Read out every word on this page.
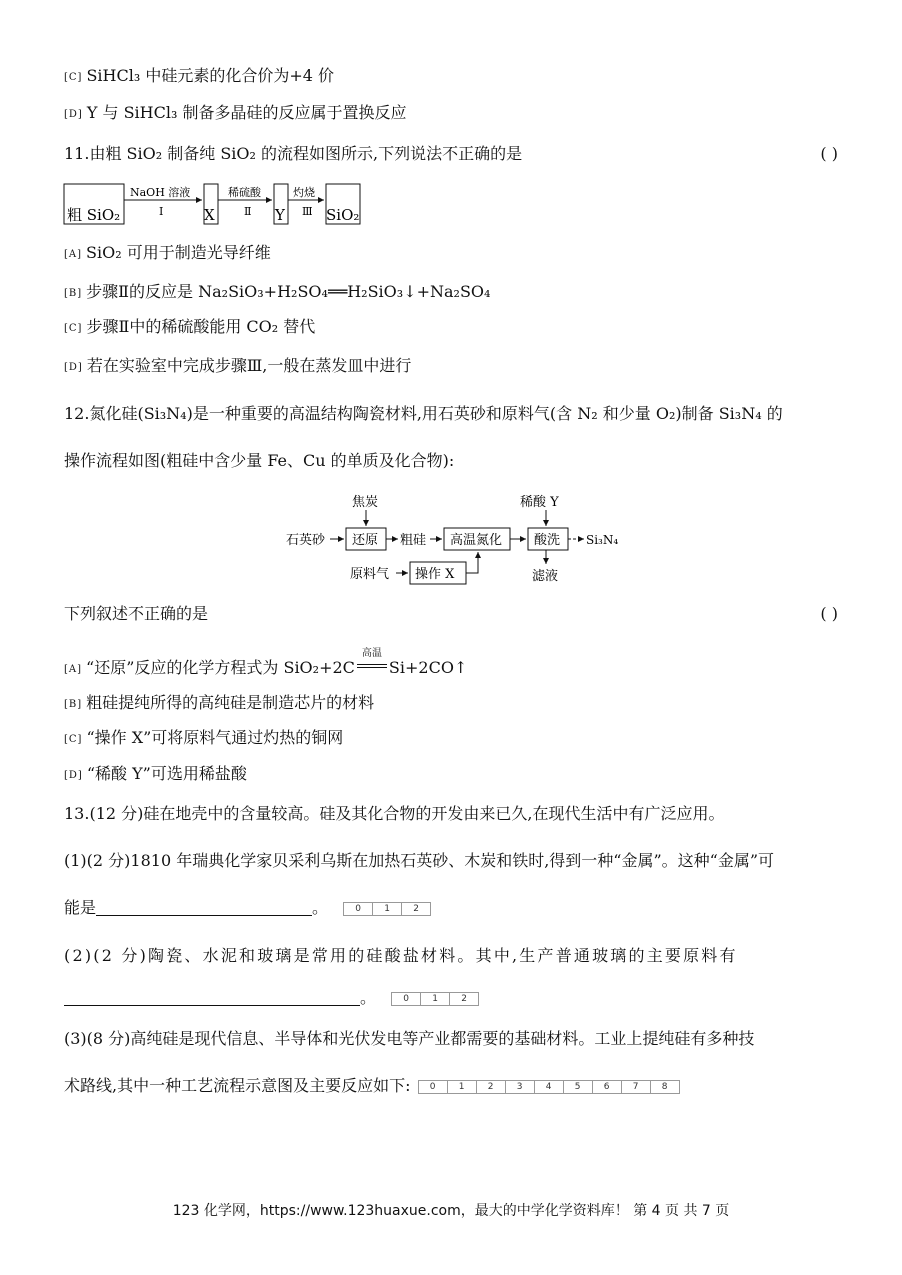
[C] SiHCl₃ 中硅元素的化合价为+4 价
[D] Y 与 SiHCl₃ 制备多晶硅的反应属于置换反应
11.由粗 SiO₂ 制备纯 SiO₂ 的流程如图所示,下列说法不正确的是	( )
粗 SiO₂
NaOH 溶液
Ⅰ	X
稀硫酸
Ⅱ Y
灼烧
Ⅲ SiO₂
[A] SiO₂ 可用于制造光导纤维
[B] 步骤Ⅱ的反应是 Na₂SiO₃+H₂SO₄══H₂SiO₃↓+Na₂SO₄
[C] 步骤Ⅱ中的稀硫酸能用 CO₂ 替代
[D] 若在实验室中完成步骤Ⅲ,一般在蒸发皿中进行
12.氮化硅(Si₃N₄)是一种重要的高温结构陶瓷材料,用石英砂和原料气(含 N₂ 和少量 O₂)制备 Si₃N₄ 的
操作流程如图(粗硅中含少量 Fe、Cu 的单质及化合物):
焦炭
石英砂 还原 粗硅 高温氮化
稀酸 Y
酸洗 Si₃N₄
滤液
原料气 操作 X
下列叙述不正确的是	( )
[A] “还原”反应的化学方程式为 SiO₂+2C
高温
Si+2CO↑
[B] 粗硅提纯所得的高纯硅是制造芯片的材料
[C] “操作 X”可将原料气通过灼热的铜网
[D] “稀酸 Y”可选用稀盐酸
13.(12 分)硅在地壳中的含量较高。硅及其化合物的开发由来已久,在现代生活中有广泛应用。
(1)(2 分)1810 年瑞典化学家贝采利乌斯在加热石英砂、木炭和铁时,得到一种“金属”。这种“金属”可
能是	。	0	1	2
(2)(2 分)陶瓷、水泥和玻璃是常用的硅酸盐材料。其中,生产普通玻璃的主要原料有
。	0	1	2
(3)(8 分)高纯硅是现代信息、半导体和光伏发电等产业都需要的基础材料。工业上提纯硅有多种技
术路线,其中一种工艺流程示意图及主要反应如下:	0	1	2	3	4	5	6	7	8
123 化学网，https://www.123huaxue.com，最大的中学化学资料库！ 第 4 页 共 7 页
